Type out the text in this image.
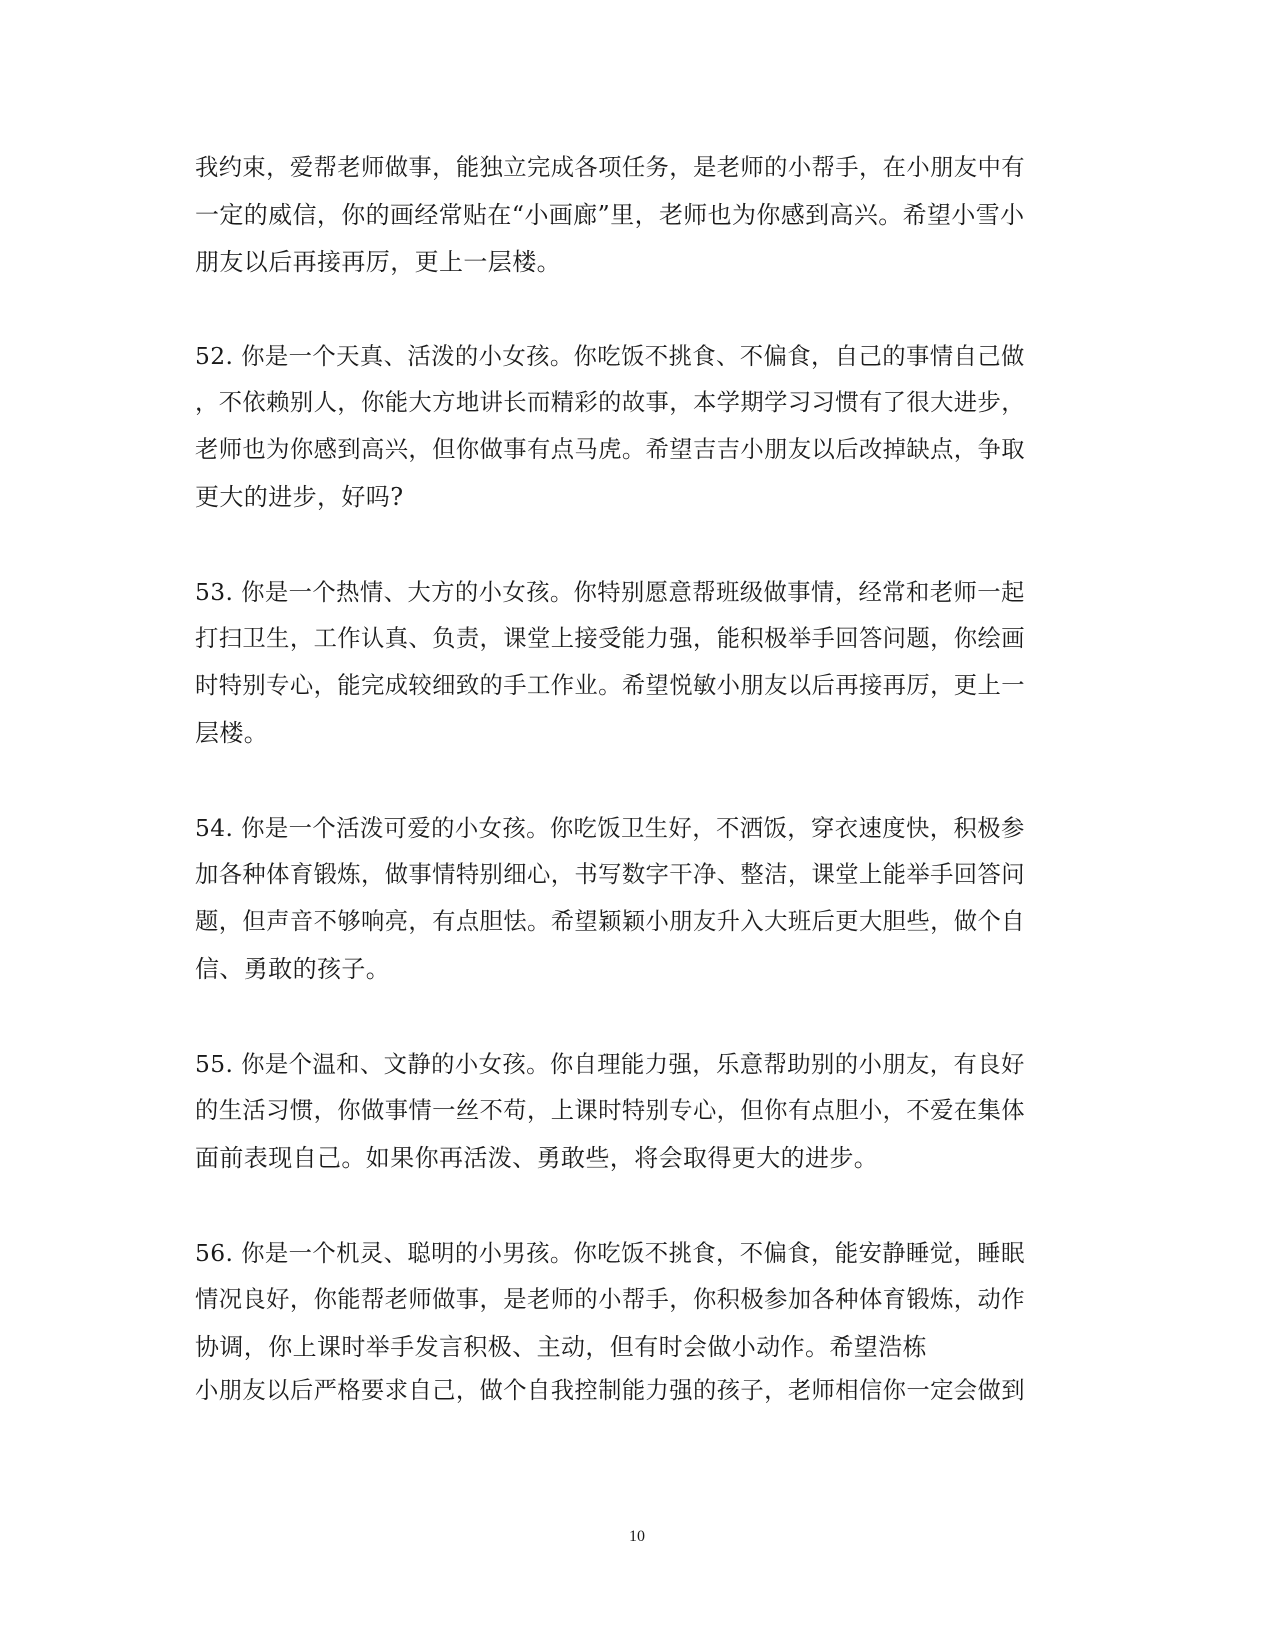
我约束，爱帮老师做事，能独立完成各项任务，是老师的小帮手，在小朋友中有
一定的威信，你的画经常贴在“小画廊”里，老师也为你感到高兴。希望小雪小
朋友以后再接再厉，更上一层楼。
52. 你是一个天真、活泼的小女孩。你吃饭不挑食、不偏食，自己的事情自己做
，不依赖别人，你能大方地讲长而精彩的故事，本学期学习习惯有了很大进步，
老师也为你感到高兴，但你做事有点马虎。希望吉吉小朋友以后改掉缺点，争取
更大的进步，好吗?
53. 你是一个热情、大方的小女孩。你特别愿意帮班级做事情，经常和老师一起
打扫卫生，工作认真、负责，课堂上接受能力强，能积极举手回答问题，你绘画
时特别专心，能完成较细致的手工作业。希望悦敏小朋友以后再接再厉，更上一
层楼。
54. 你是一个活泼可爱的小女孩。你吃饭卫生好，不洒饭，穿衣速度快，积极参
加各种体育锻炼，做事情特别细心，书写数字干净、整洁，课堂上能举手回答问
题，但声音不够响亮，有点胆怯。希望颖颖小朋友升入大班后更大胆些，做个自
信、勇敢的孩子。
55. 你是个温和、文静的小女孩。你自理能力强，乐意帮助别的小朋友，有良好
的生活习惯，你做事情一丝不苟，上课时特别专心，但你有点胆小，不爱在集体
面前表现自己。如果你再活泼、勇敢些，将会取得更大的进步。
56. 你是一个机灵、聪明的小男孩。你吃饭不挑食，不偏食，能安静睡觉，睡眠
情况良好，你能帮老师做事，是老师的小帮手，你积极参加各种体育锻炼，动作
协调，你上课时举手发言积极、主动，但有时会做小动作。希望浩栋
小朋友以后严格要求自己，做个自我控制能力强的孩子，老师相信你一定会做到
10
